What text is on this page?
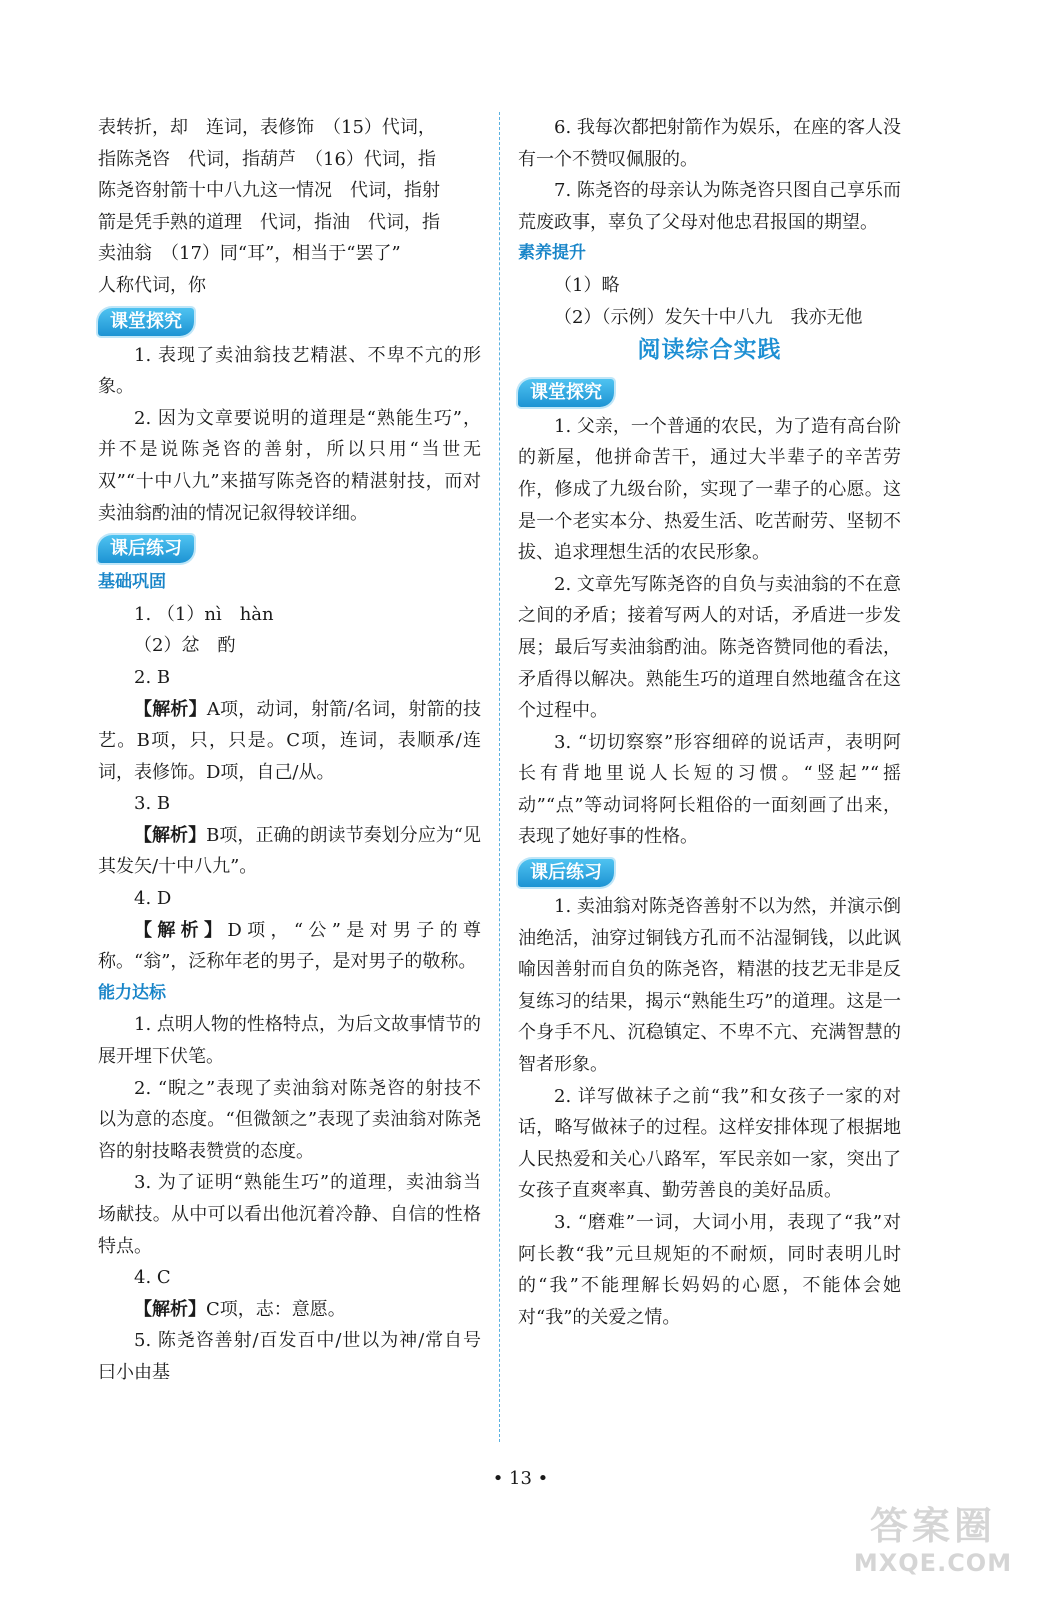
表转折，却　连词，表修饰　（15）代词，

指陈尧咨　代词，指葫芦　（16）代词，指

陈尧咨射箭十中八九这一情况　代词，指射

箭是凭手熟的道理　代词，指油　代词，指

卖油翁　（17）同“耳”，相当于“罢了”

人称代词，你

课堂探究

1. 表现了卖油翁技艺精湛、不卑不亢的形象。

2. 因为文章要说明的道理是“熟能生巧”，并不是说陈尧咨的善射，所以只用“当世无双”“十中八九”来描写陈尧咨的精湛射技，而对卖油翁酌油的情况记叙得较详细。

课后练习
基础巩固

1. （1）nì　hàn

（2）忿　酌

2. B

【解析】A项，动词，射箭/名词，射箭的技艺。B项，只，只是。C项，连词，表顺承/连词，表修饰。D项，自己/从。

3. B

【解析】B项，正确的朗读节奏划分应为“见其发矢/十中八九”。

4. D

【解析】D项，“公”是对男子的尊称。“翁”，泛称年老的男子，是对男子的敬称。

能力达标

1. 点明人物的性格特点，为后文故事情节的展开埋下伏笔。

2. “睨之”表现了卖油翁对陈尧咨的射技不以为意的态度。“但微颔之”表现了卖油翁对陈尧咨的射技略表赞赏的态度。

3. 为了证明“熟能生巧”的道理，卖油翁当场献技。从中可以看出他沉着冷静、自信的性格特点。

4. C

【解析】C项，志：意愿。

5. 陈尧咨善射/百发百中/世以为神/常自号曰小由基

6. 我每次都把射箭作为娱乐，在座的客人没有一个不赞叹佩服的。

7. 陈尧咨的母亲认为陈尧咨只图自己享乐而荒废政事，辜负了父母对他忠君报国的期望。

素养提升

（1）略

（2）（示例）发矢十中八九　我亦无他

阅读综合实践
课堂探究

1. 父亲，一个普通的农民，为了造有高台阶的新屋，他拼命苦干，通过大半辈子的辛苦劳作，修成了九级台阶，实现了一辈子的心愿。这是一个老实本分、热爱生活、吃苦耐劳、坚韧不拔、追求理想生活的农民形象。

2. 文章先写陈尧咨的自负与卖油翁的不在意之间的矛盾；接着写两人的对话，矛盾进一步发展；最后写卖油翁酌油。陈尧咨赞同他的看法，矛盾得以解决。熟能生巧的道理自然地蕴含在这个过程中。

3. “切切察察”形容细碎的说话声，表明阿长有背地里说人长短的习惯。“竖起”“摇动”“点”等动词将阿长粗俗的一面刻画了出来，表现了她好事的性格。

课后练习

1. 卖油翁对陈尧咨善射不以为然，并演示倒油绝活，油穿过铜钱方孔而不沾湿铜钱，以此讽喻因善射而自负的陈尧咨，精湛的技艺无非是反复练习的结果，揭示“熟能生巧”的道理。这是一个身手不凡、沉稳镇定、不卑不亢、充满智慧的智者形象。

2. 详写做袜子之前“我”和女孩子一家的对话，略写做袜子的过程。这样安排体现了根据地人民热爱和关心八路军，军民亲如一家，突出了女孩子直爽率真、勤劳善良的美好品质。

3. “磨难”一词，大词小用，表现了“我”对阿长教“我”元旦规矩的不耐烦，同时表明儿时的“我”不能理解长妈妈的心愿，不能体会她对“我”的关爱之情。

• 13 •
答案圈
MXQE.COM
